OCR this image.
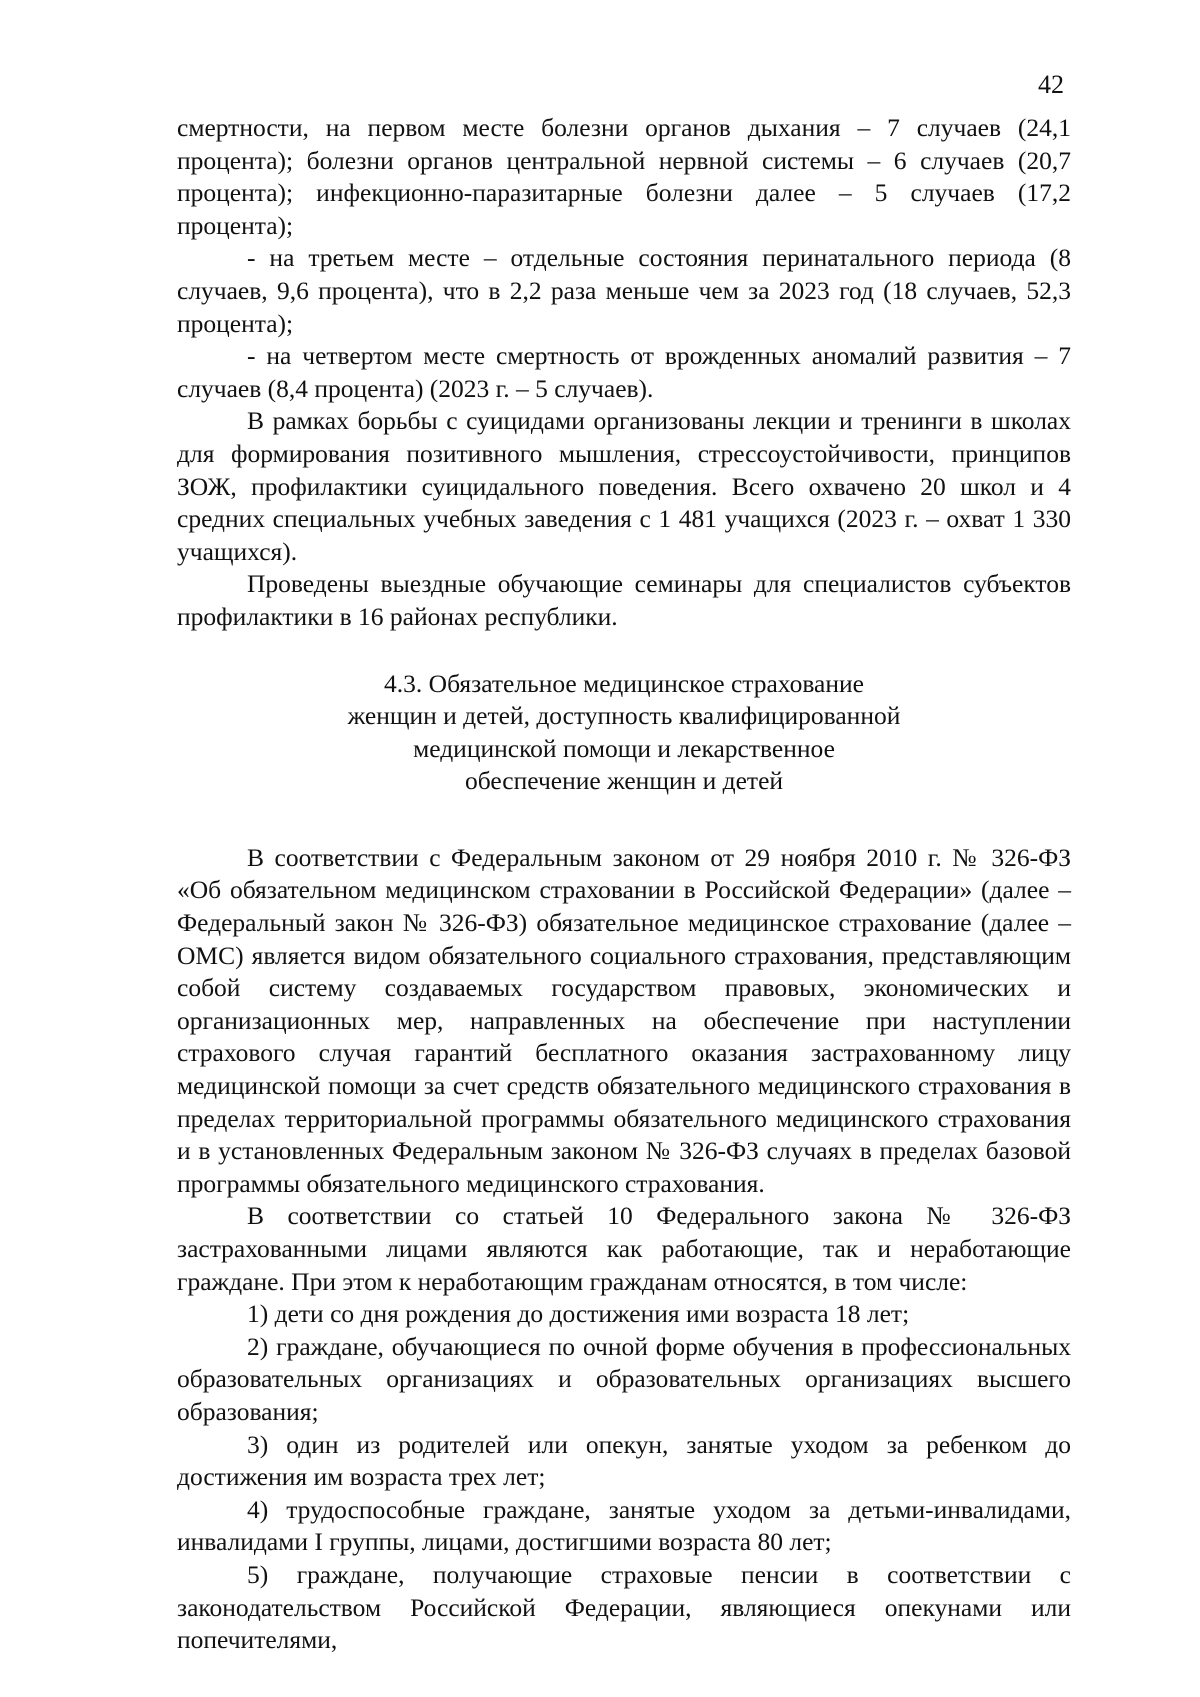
42

смертности, на первом месте болезни органов дыхания – 7 случаев (24,1 процента); болезни органов центральной нервной системы – 6 случаев (20,7 процента); инфекционно-паразитарные болезни далее – 5 случаев (17,2 процента);

- на третьем месте – отдельные состояния перинатального периода (8 случаев, 9,6 процента), что в 2,2 раза меньше чем за 2023 год (18 случаев, 52,3 процента);

- на четвертом месте смертность от врожденных аномалий развития – 7 случаев (8,4 процента) (2023 г. – 5 случаев).

В рамках борьбы с суицидами организованы лекции и тренинги в школах для формирования позитивного мышления, стрессоустойчивости, принципов ЗОЖ, профилактики суицидального поведения. Всего охвачено 20 школ и 4 средних специальных учебных заведения с 1 481 учащихся (2023 г. – охват 1 330 учащихся).

Проведены выездные обучающие семинары для специалистов субъектов профилактики в 16 районах республики.

4.3. Обязательное медицинское страхование
женщин и детей, доступность квалифицированной
медицинской помощи и лекарственное
обеспечение женщин и детей

В соответствии с Федеральным законом от 29 ноября 2010 г. № 326-ФЗ «Об обязательном медицинском страховании в Российской Федерации» (далее – Федеральный закон № 326-ФЗ) обязательное медицинское страхование (далее – ОМС) является видом обязательного социального страхования, представляющим собой систему создаваемых государством правовых, экономических и организационных мер, направленных на обеспечение при наступлении страхового случая гарантий бесплатного оказания застрахованному лицу медицинской помощи за счет средств обязательного медицинского страхования в пределах территориальной программы обязательного медицинского страхования и в установленных Федеральным законом № 326-ФЗ случаях в пределах базовой программы обязательного медицинского страхования.

В соответствии со статьей 10 Федерального закона № 326-ФЗ застрахованными лицами являются как работающие, так и неработающие граждане. При этом к неработающим гражданам относятся, в том числе:

1) дети со дня рождения до достижения ими возраста 18 лет;

2) граждане, обучающиеся по очной форме обучения в профессиональных образовательных организациях и образовательных организациях высшего образования;

3) один из родителей или опекун, занятые уходом за ребенком до достижения им возраста трех лет;

4) трудоспособные граждане, занятые уходом за детьми-инвалидами, инвалидами I группы, лицами, достигшими возраста 80 лет;

5) граждане, получающие страховые пенсии в соответствии с законодательством Российской Федерации, являющиеся опекунами или попечителями,
